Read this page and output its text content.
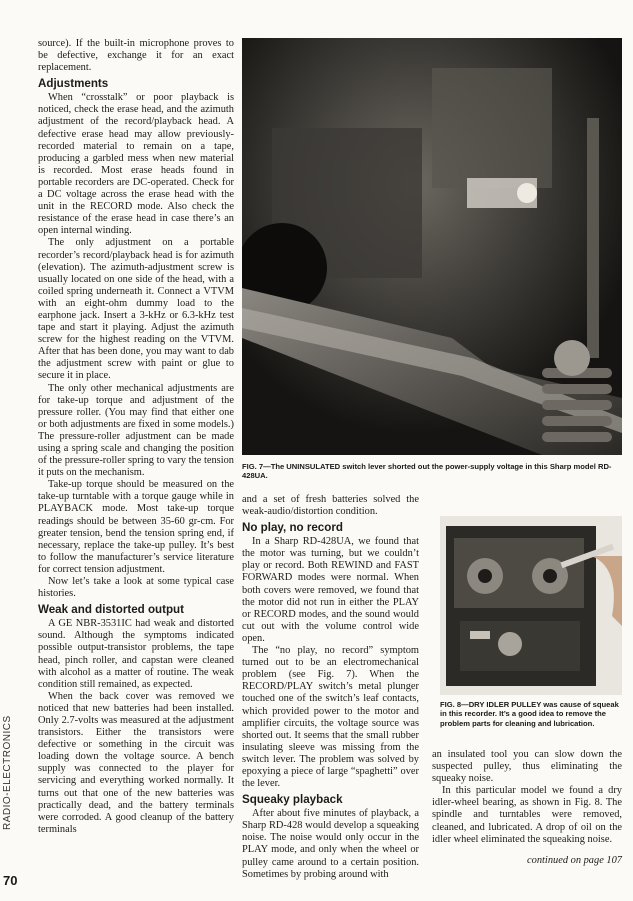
source). If the built-in microphone proves to be defective, exchange it for an exact replacement.

Adjustments

When “crosstalk” or poor playback is noticed, check the erase head, and the azimuth adjustment of the record/playback head. A defective erase head may allow previously-recorded material to remain on a tape, producing a garbled mess when new material is recorded. Most erase heads found in portable recorders are DC-operated. Check for a DC voltage across the erase head with the unit in the RECORD mode. Also check the resistance of the erase head in case there’s an open internal winding.

The only adjustment on a portable recorder’s record/playback head is for azimuth (elevation). The azimuth-adjustment screw is usually located on one side of the head, with a coiled spring underneath it. Connect a VTVM with an eight-ohm dummy load to the earphone jack. Insert a 3-kHz or 6.3-kHz test tape and start it playing. Adjust the azimuth screw for the highest reading on the VTVM. After that has been done, you may want to dab the adjustment screw with paint or glue to secure it in place.

The only other mechanical adjustments are for take-up torque and adjustment of the pressure roller. (You may find that either one or both adjustments are fixed in some models.) The pressure-roller adjustment can be made using a spring scale and changing the position of the pressure-roller spring to vary the tension it puts on the mechanism.

Take-up torque should be measured on the take-up turntable with a torque gauge while in PLAYBACK mode. Most take-up torque readings should be between 35-60 gr-cm. For greater tension, bend the tension spring end, if necessary, replace the take-up pulley. It’s best to follow the manufacturer’s service literature for correct tension adjustment.

Now let’s take a look at some typical case histories.

Weak and distorted output

A GE NBR-3531IC had weak and distorted sound. Although the symptoms indicated possible output-transistor problems, the tape head, pinch roller, and capstan were cleaned with alcohol as a matter of routine. The weak condition still remained, as expected.

When the back cover was removed we noticed that new batteries had been installed. Only 2.7-volts was measured at the adjustment transistors. Either the transistors were defective or something in the circuit was loading down the voltage source. A bench supply was connected to the player for servicing and everything worked normally. It turns out that one of the new batteries was practically dead, and the battery terminals were corroded. A good cleanup of the battery terminals

FIG. 7—The UNINSULATED switch lever shorted out the power-supply voltage in this Sharp model RD-428UA.

and a set of fresh batteries solved the weak-audio/distortion condition.

No play, no record

In a Sharp RD-428UA, we found that the motor was turning, but we couldn’t play or record. Both REWIND and FAST FORWARD modes were normal. When both covers were removed, we found that the motor did not run in either the PLAY or RECORD modes, and the sound would cut out with the volume control wide open.

The “no play, no record” symptom turned out to be an electromechanical problem (see Fig. 7). When the RECORD/PLAY switch’s metal plunger touched one of the switch’s leaf contacts, which provided power to the motor and amplifier circuits, the voltage source was shorted out. It seems that the small rubber insulating sleeve was missing from the switch lever. The problem was solved by epoxying a piece of large “spaghetti” over the lever.

Squeaky playback

After about five minutes of playback, a Sharp RD-428 would develop a squeaking noise. The noise would only occur in the PLAY mode, and only when the wheel or pulley came around to a certain position. Sometimes by probing around with

FIG. 8—DRY IDLER PULLEY was cause of squeak in this recorder. It’s a good idea to remove the problem parts for cleaning and lubrication.

an insulated tool you can slow down the suspected pulley, thus eliminating the squeaky noise.

In this particular model we found a dry idler-wheel bearing, as shown in Fig. 8. The spindle and turntables were removed, cleaned, and lubricated. A drop of oil on the idler wheel eliminated the squeaking noise.

continued on page 107
RADIO-ELECTRONICS
70
